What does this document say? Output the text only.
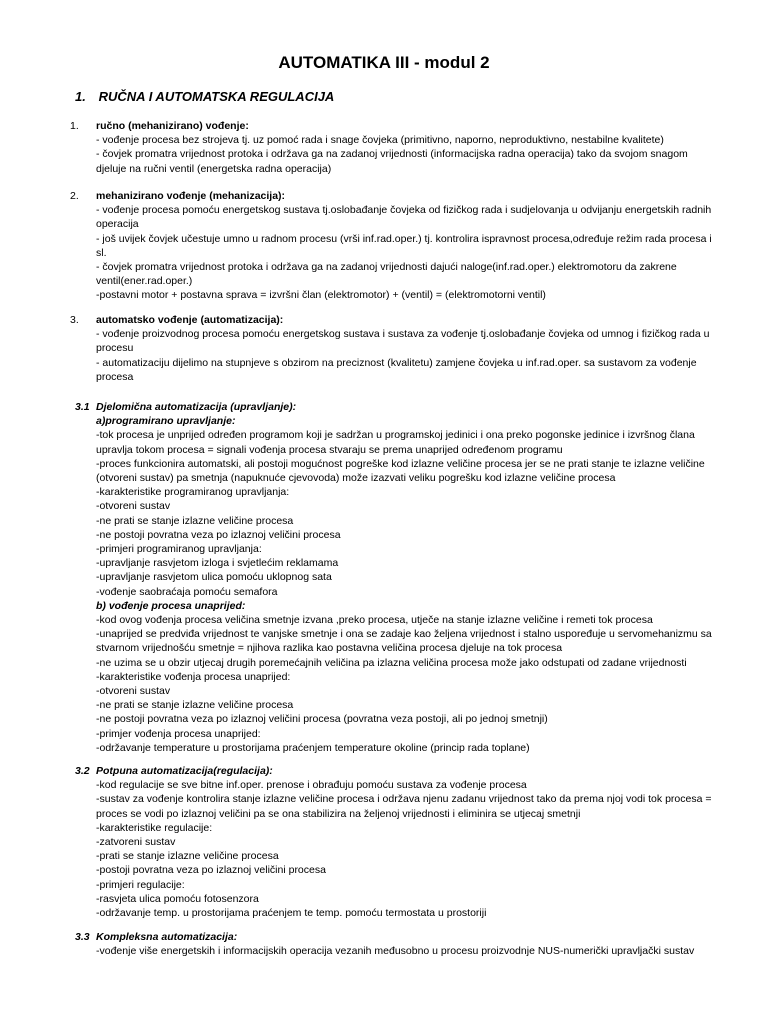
AUTOMATIKA III - modul 2
1. RUČNA I AUTOMATSKA REGULACIJA
1. ručno (mehanizirano) vođenje:
- vođenje procesa bez strojeva tj. uz pomoć rada i snage čovjeka (primitivno, naporno, neproduktivno, nestabilne kvalitete)
- čovjek promatra vrijednost protoka i održava ga na zadanoj vrijednosti (informacijska radna operacija) tako da svojom snagom
djeluje na ručni ventil (energetska radna operacija)
2. mehanizirano vođenje (mehanizacija):
- vođenje procesa pomoću energetskog sustava tj.oslobađanje čovjeka od fizičkog rada i sudjelovanja u odvijanju energetskih radnih
operacija
- još uvijek čovjek učestuje umno u radnom procesu (vrši inf.rad.oper.) tj. kontrolira ispravnost procesa,određuje režim rada procesa i
sl.
- čovjek promatra vrijednost protoka i održava ga na zadanoj vrijednosti dajući naloge(inf.rad.oper.) elektromotoru da zakrene
ventil(ener.rad.oper.)
-postavni motor + postavna sprava = izvršni član (elektromotor) + (ventil) = (elektromotorni ventil)
3. automatsko vođenje (automatizacija):
- vođenje proizvodnog procesa pomoću energetskog sustava i sustava za vođenje tj.oslobađanje čovjeka od umnog i fizičkog rada u
procesu
- automatizaciju dijelimo na stupnjeve s obzirom na preciznost (kvalitetu) zamjene čovjeka u inf.rad.oper. sa sustavom za vođenje
procesa
3.1 Djelomična automatizacija (upravljanje):
a)programirano upravljanje:
-tok procesa je unprijed određen programom koji je sadržan u programskoj jedinici i ona preko pogonske jedinice i izvršnog člana
upravlja tokom procesa = signali vođenja procesa stvaraju se prema unaprijed određenom programu
-proces funkcionira automatski, ali postoji mogućnost pogreške kod izlazne veličine procesa jer se ne prati stanje te izlazne veličine
(otvoreni sustav) pa smetnja (napuknuće cjevovoda) može izazvati veliku pogrešku kod izlazne veličine procesa
-karakteristike programiranog upravljanja:
-otvoreni sustav
-ne prati se stanje izlazne veličine procesa
-ne postoji povratna veza po izlaznoj veličini procesa
-primjeri programiranog upravljanja:
-upravljanje rasvjetom izloga i svjetlećim reklamama
-upravljanje rasvjetom ulica pomoću uklopnog sata
-vođenje saobraćaja pomoću semafora
b) vođenje procesa unaprijed:
-kod ovog vođenja procesa veličina smetnje izvana ,preko procesa, utječe na stanje izlazne veličine i remeti tok procesa
-unaprijed se predviđa vrijednost te vanjske smetnje i ona se zadaje kao željena vrijednost i stalno uspoređuje u servomehanizmu sa
stvarnom vrijednošću smetnje = njihova razlika kao postavna veličina procesa djeluje na tok procesa
-ne uzima se u obzir utjecaj drugih poremećajnih veličina pa izlazna veličina procesa može jako odstupati od zadane vrijednosti
-karakteristike vođenja procesa unaprijed:
-otvoreni sustav
-ne prati se stanje izlazne veličine procesa
-ne postoji povratna veza po izlaznoj veličini procesa (povratna veza postoji, ali po jednoj smetnji)
-primjer vođenja procesa unaprijed:
-održavanje temperature u prostorijama praćenjem temperature okoline (princip rada toplane)
3.2 Potpuna automatizacija(regulacija):
-kod regulacije se sve bitne inf.oper. prenose i obrađuju pomoću sustava za vođenje procesa
-sustav za vođenje kontrolira stanje izlazne veličine procesa i održava njenu zadanu vrijednost tako da prema njoj vodi tok procesa =
proces se vodi po izlaznoj veličini pa se ona stabilizira na željenoj vrijednosti i eliminira se utjecaj smetnji
-karakteristike regulacije:
-zatvoreni sustav
-prati se stanje izlazne veličine procesa
-postoji povratna veza po izlaznoj veličini procesa
-primjeri regulacije:
-rasvjeta ulica pomoću fotosenzora
-održavanje temp. u prostorijama praćenjem te temp. pomoću termostata u prostoriji
3.3 Kompleksna automatizacija:
-vođenje više energetskih i informacijskih operacija vezanih međusobno u procesu proizvodnje NUS-numerički upravljački sustav
